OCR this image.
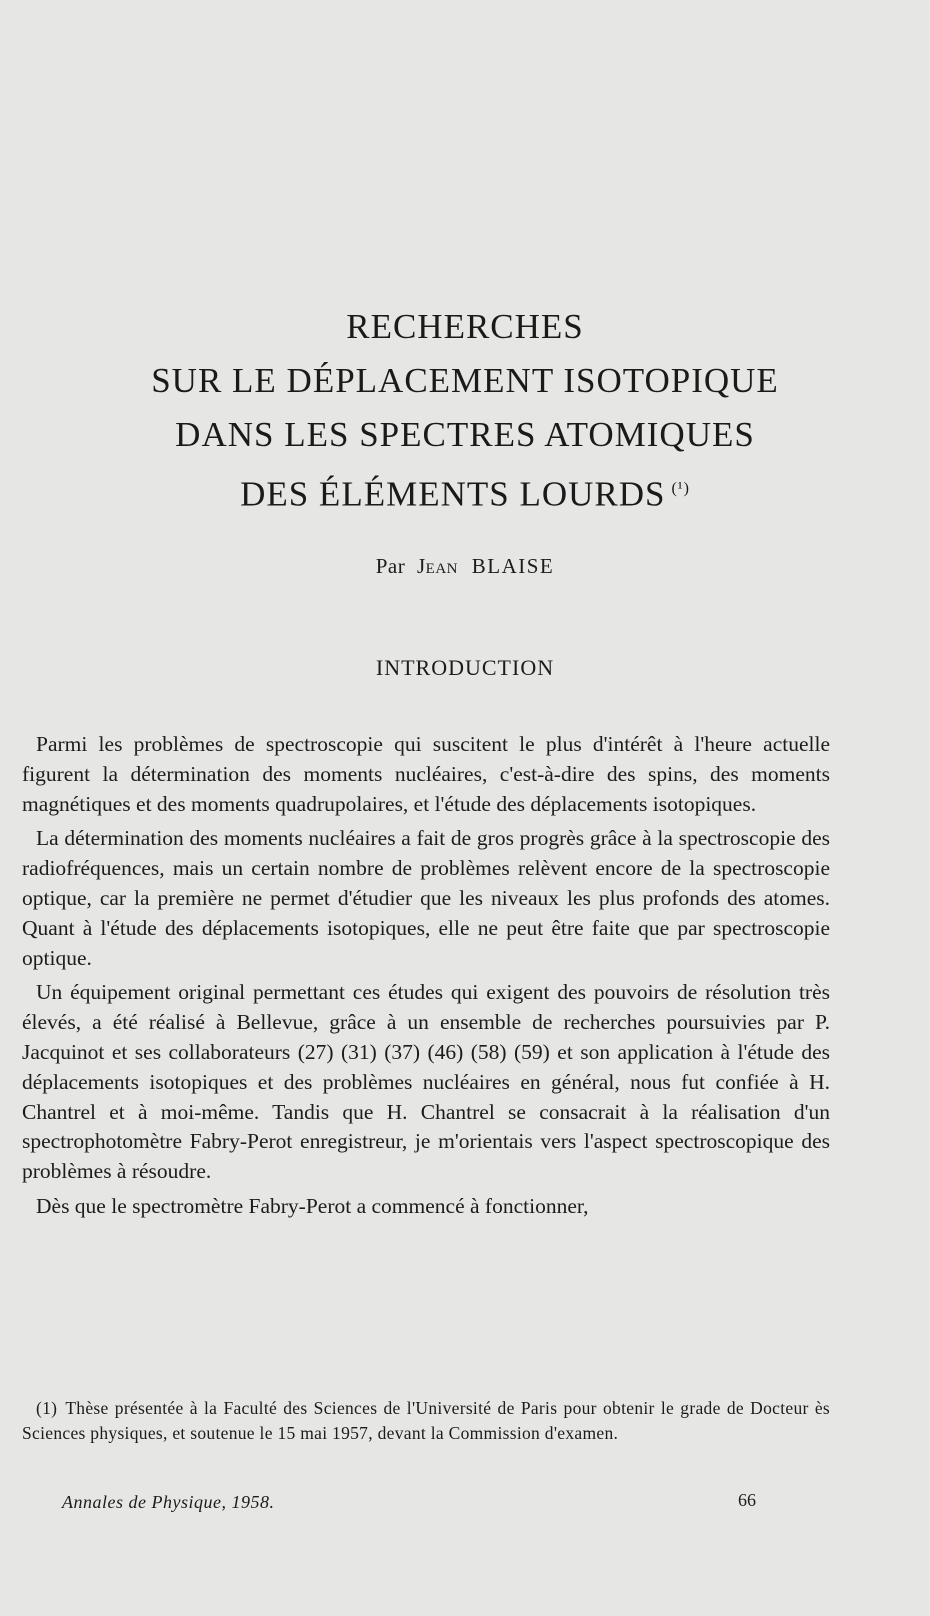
RECHERCHES
SUR LE DÉPLACEMENT ISOTOPIQUE
DANS LES SPECTRES ATOMIQUES
DES ÉLÉMENTS LOURDS $^{(^1)}$
Par Jean BLAISE
INTRODUCTION

Parmi les problèmes de spectroscopie qui suscitent le plus d'intérêt à l'heure actuelle figurent la détermination des moments nucléaires, c'est-à-dire des spins, des moments magnétiques et des moments quadrupolaires, et l'étude des déplacements isotopiques.

La détermination des moments nucléaires a fait de gros progrès grâce à la spectroscopie des radiofréquences, mais un certain nombre de problèmes relèvent encore de la spectroscopie optique, car la première ne permet d'étudier que les niveaux les plus profonds des atomes. Quant à l'étude des déplacements isotopiques, elle ne peut être faite que par spectroscopie optique.

Un équipement original permettant ces études qui exigent des pouvoirs de résolution très élevés, a été réalisé à Bellevue, grâce à un ensemble de recherches poursuivies par P. Jacquinot et ses collaborateurs (27) (31) (37) (46) (58) (59) et son application à l'étude des déplacements isotopiques et des problèmes nucléaires en général, nous fut confiée à H. Chantrel et à moi-même. Tandis que H. Chantrel se consacrait à la réalisation d'un spectrophotomètre Fabry-Perot enregistreur, je m'orientais vers l'aspect spectroscopique des problèmes à résoudre.

Dès que le spectromètre Fabry-Perot a commencé à fonctionner,

(1) Thèse présentée à la Faculté des Sciences de l'Université de Paris pour obtenir le grade de Docteur ès Sciences physiques, et soutenue le 15 mai 1957, devant la Commission d'examen.
Annales de Physique, 1958.	66
